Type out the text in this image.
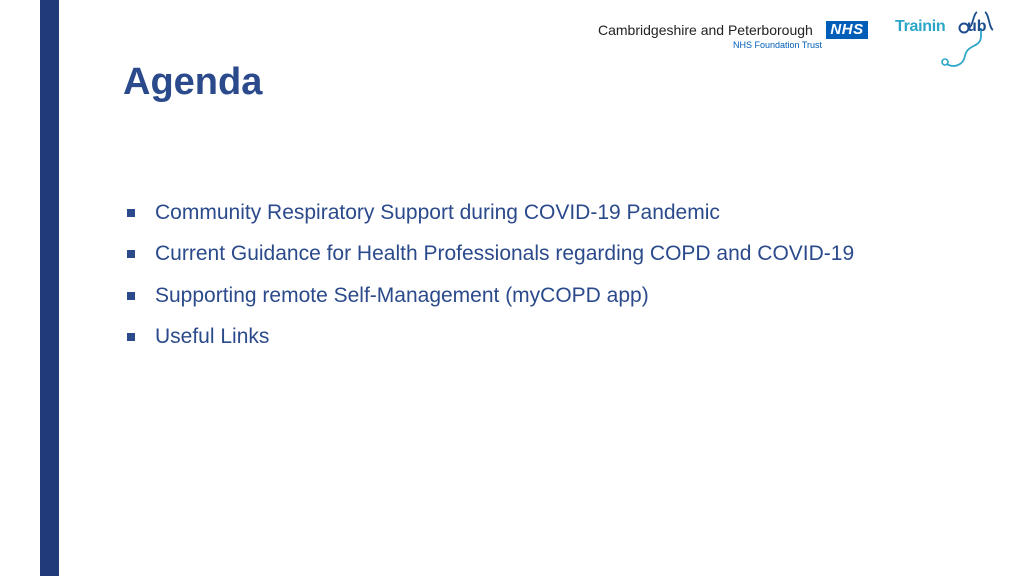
Cambridgeshire and Peterborough NHS
NHS Foundation Trust
Trainin ub
Agenda
Community Respiratory Support during COVID-19 Pandemic
Current Guidance for Health Professionals regarding COPD and COVID-19
Supporting remote Self-Management (myCOPD app)
Useful Links
